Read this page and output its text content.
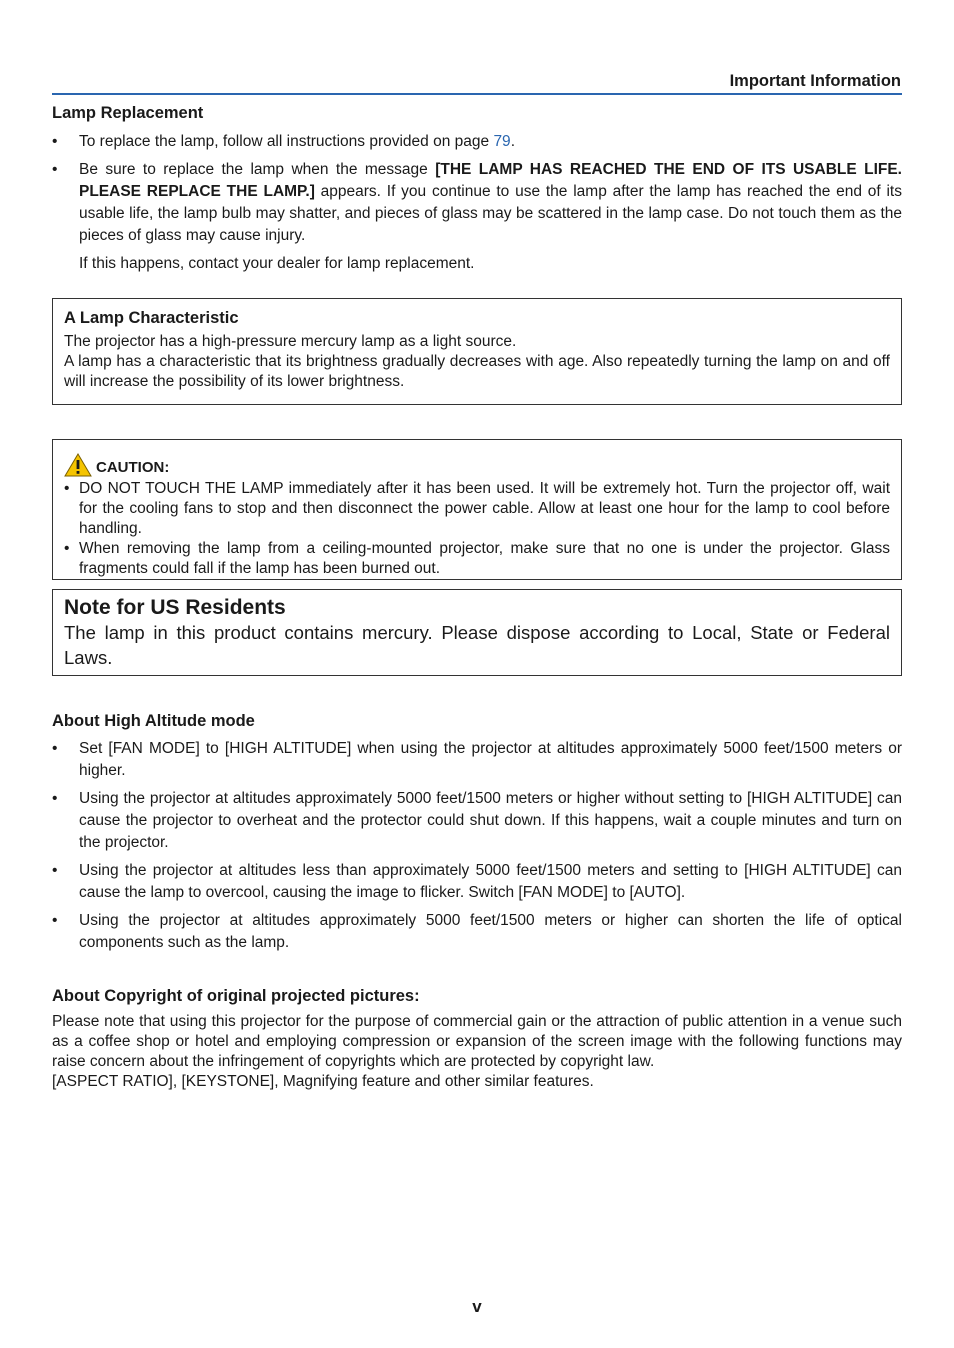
Important Information
Lamp Replacement
• To replace the lamp, follow all instructions provided on page 79.
• Be sure to replace the lamp when the message [THE LAMP HAS REACHED THE END OF ITS USABLE LIFE. PLEASE REPLACE THE LAMP.] appears. If you continue to use the lamp after the lamp has reached the end of its usable life, the lamp bulb may shatter, and pieces of glass may be scattered in the lamp case. Do not touch them as the pieces of glass may cause injury.
If this happens, contact your dealer for lamp replacement.
A Lamp Characteristic
The projector has a high-pressure mercury lamp as a light source.
A lamp has a characteristic that its brightness gradually decreases with age. Also repeatedly turning the lamp on and off will increase the possibility of its lower brightness.
CAUTION:
• DO NOT TOUCH THE LAMP immediately after it has been used. It will be extremely hot. Turn the projector off, wait for the cooling fans to stop and then disconnect the power cable. Allow at least one hour for the lamp to cool before handling.
• When removing the lamp from a ceiling-mounted projector, make sure that no one is under the projector. Glass fragments could fall if the lamp has been burned out.
Note for US Residents
The lamp in this product contains mercury. Please dispose according to Local, State or Federal Laws.
About High Altitude mode
• Set [FAN MODE] to [HIGH ALTITUDE] when using the projector at altitudes approximately 5000 feet/1500 meters or higher.
• Using the projector at altitudes approximately 5000 feet/1500 meters or higher without setting to [HIGH ALTITUDE] can cause the projector to overheat and the protector could shut down. If this happens, wait a couple minutes and turn on the projector.
• Using the projector at altitudes less than approximately 5000 feet/1500 meters and setting to [HIGH ALTITUDE] can cause the lamp to overcool, causing the image to flicker. Switch [FAN MODE] to [AUTO].
• Using the projector at altitudes approximately 5000 feet/1500 meters or higher can shorten the life of optical components such as the lamp.
About Copyright of original projected pictures:
Please note that using this projector for the purpose of commercial gain or the attraction of public attention in a venue such as a coffee shop or hotel and employing compression or expansion of the screen image with the following functions may raise concern about the infringement of copyrights which are protected by copyright law.
[ASPECT RATIO], [KEYSTONE], Magnifying feature and other similar features.
v
